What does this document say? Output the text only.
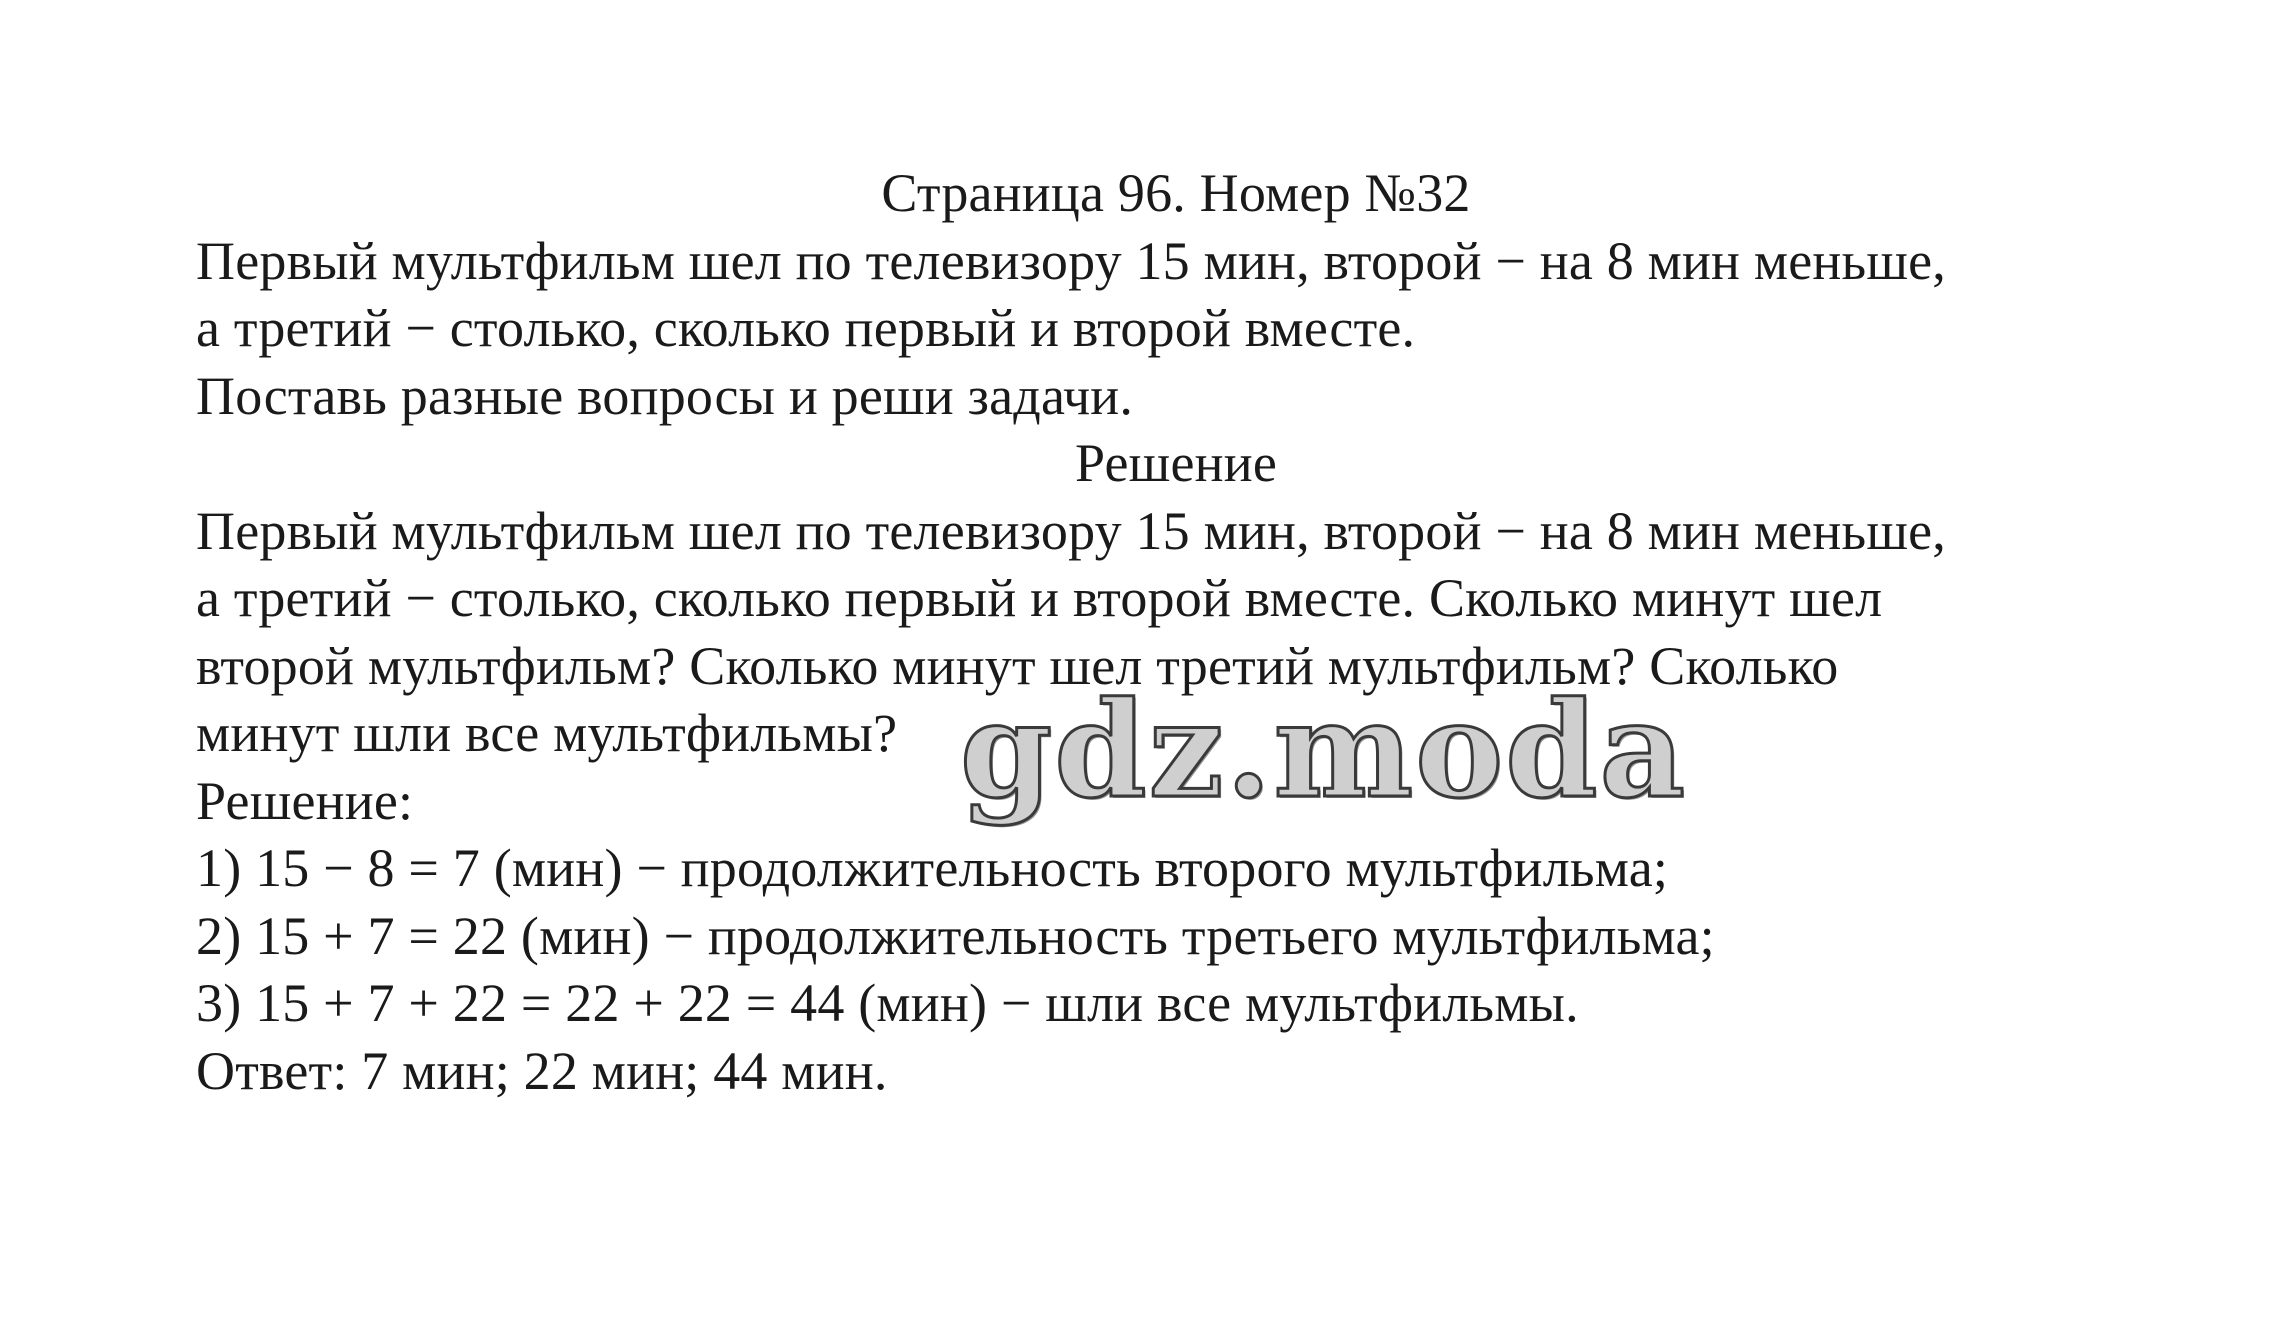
Страница 96. Номер №32
Первый мультфильм шел по телевизору 15 мин, второй − на 8 мин меньше,
а третий − столько, сколько первый и второй вместе.
Поставь разные вопросы и реши задачи.
Решение
Первый мультфильм шел по телевизору 15 мин, второй − на 8 мин меньше,
а третий − столько, сколько первый и второй вместе. Сколько минут шел
второй мультфильм? Сколько минут шел третий мультфильм? Сколько
минут шли все мультфильмы?
Решение:
1) 15 − 8 = 7 (мин) − продолжительность второго мультфильма;
2) 15 + 7 = 22 (мин) − продолжительность третьего мультфильма;
3) 15 + 7 + 22 = 22 + 22 = 44 (мин) − шли все мультфильмы.
Ответ: 7 мин; 22 мин; 44 мин.
gdz.moda
